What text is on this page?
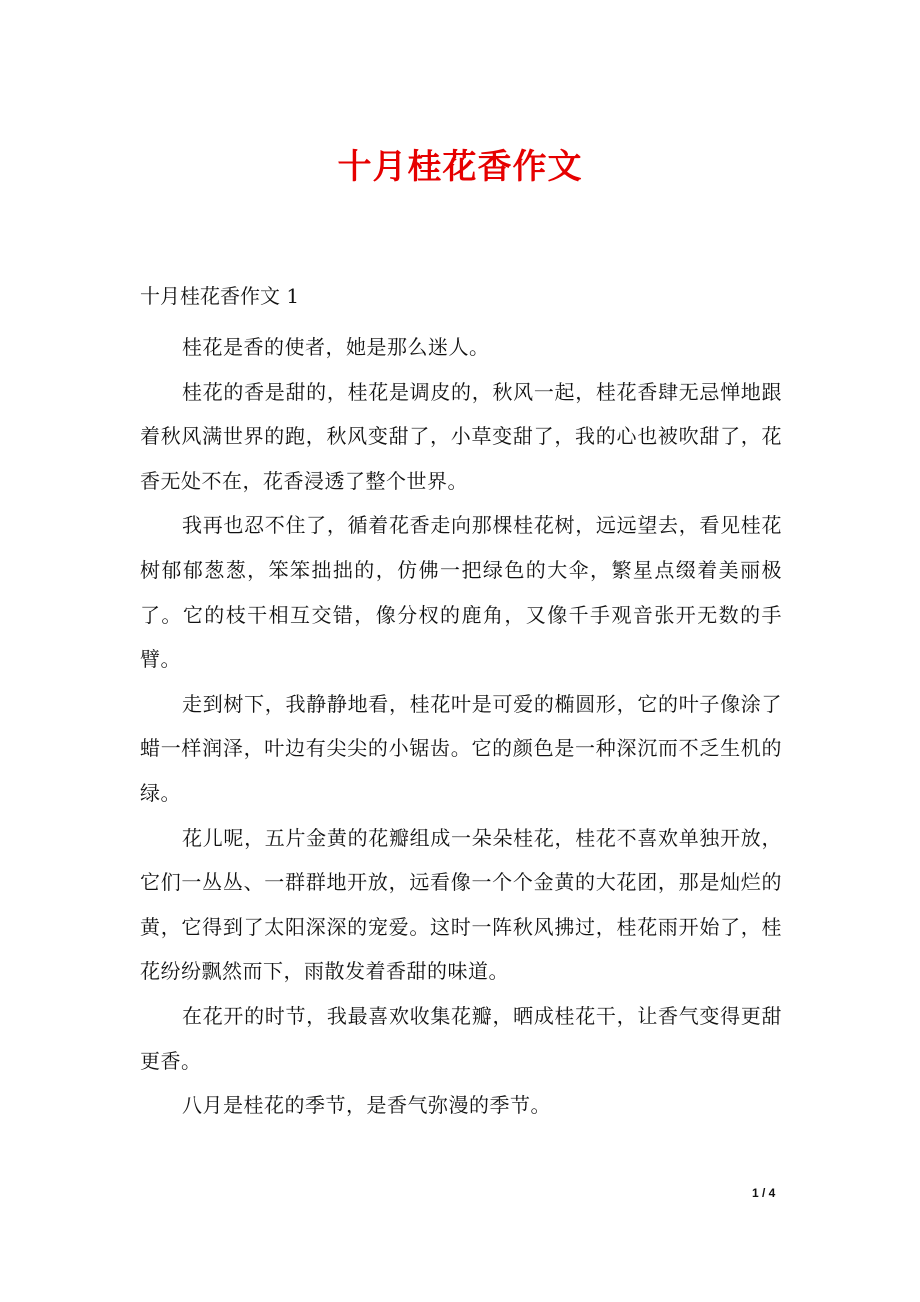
十月桂花香作文

十月桂花香作文 1

桂花是香的使者，她是那么迷人。

桂花的香是甜的，桂花是调皮的，秋风一起，桂花香肆无忌惮地跟着秋风满世界的跑，秋风变甜了，小草变甜了，我的心也被吹甜了，花香无处不在，花香浸透了整个世界。

我再也忍不住了，循着花香走向那棵桂花树，远远望去，看见桂花树郁郁葱葱，笨笨拙拙的，仿佛一把绿色的大伞，繁星点缀着美丽极了。它的枝干相互交错，像分杈的鹿角，又像千手观音张开无数的手臂。

走到树下，我静静地看，桂花叶是可爱的椭圆形，它的叶子像涂了蜡一样润泽，叶边有尖尖的小锯齿。它的颜色是一种深沉而不乏生机的绿。

花儿呢，五片金黄的花瓣组成一朵朵桂花，桂花不喜欢单独开放，它们一丛丛、一群群地开放，远看像一个个金黄的大花团，那是灿烂的黄，它得到了太阳深深的宠爱。这时一阵秋风拂过，桂花雨开始了，桂花纷纷飘然而下，雨散发着香甜的味道。

在花开的时节，我最喜欢收集花瓣，晒成桂花干，让香气变得更甜更香。

八月是桂花的季节，是香气弥漫的季节。

1 / 4
